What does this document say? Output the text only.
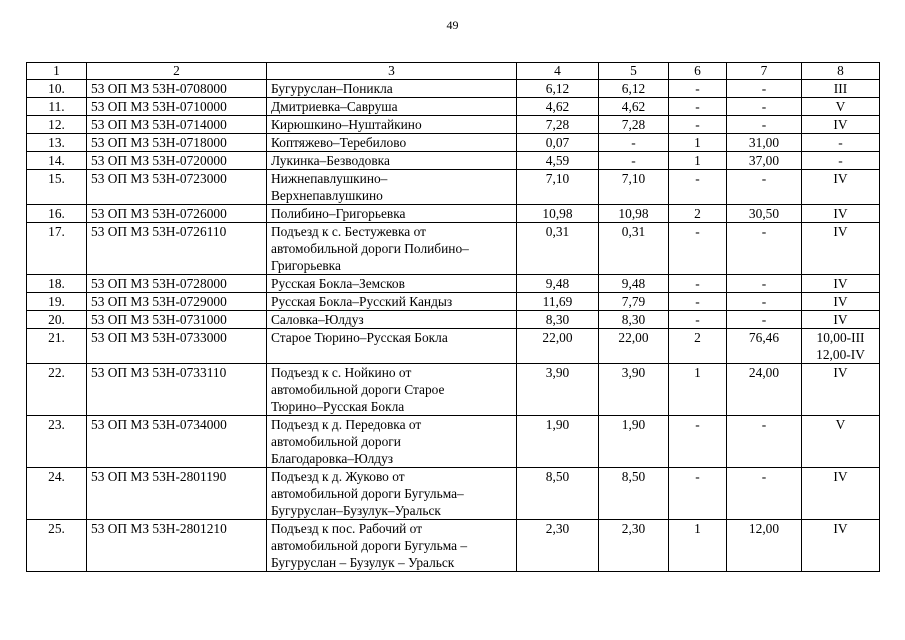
49
1	2	3	4	5	6	7	8
10.	53 ОП МЗ 53Н-0708000	Бугуруслан–Поникла	6,12	6,12	-	-	III
11.	53 ОП МЗ 53Н-0710000	Дмитриевка–Савруша	4,62	4,62	-	-	V
12.	53 ОП МЗ 53Н-0714000	Кирюшкино–Нуштайкино	7,28	7,28	-	-	IV
13.	53 ОП МЗ 53Н-0718000	Коптяжево–Теребилово	0,07	-	1	31,00	-
14.	53 ОП МЗ 53Н-0720000	Лукинка–Безводовка	4,59	-	1	37,00	-
15.	53 ОП МЗ 53Н-0723000	Нижнепавлушкино–
Верхнепавлушкино	7,10	7,10	-	-	IV
16.	53 ОП МЗ 53Н-0726000	Полибино–Григорьевка	10,98	10,98	2	30,50	IV
17.	53 ОП МЗ 53Н-0726110	Подъезд к с. Бестужевка от
автомобильной дороги Полибино–
Григорьевка	0,31	0,31	-	-	IV
18.	53 ОП МЗ 53Н-0728000	Русская Бокла–Земсков	9,48	9,48	-	-	IV
19.	53 ОП МЗ 53Н-0729000	Русская Бокла–Русский Кандыз	11,69	7,79	-	-	IV
20.	53 ОП МЗ 53Н-0731000	Саловка–Юлдуз	8,30	8,30	-	-	IV
21.	53 ОП МЗ 53Н-0733000	Старое Тюрино–Русская Бокла	22,00	22,00	2	76,46	10,00-III
12,00-IV
22.	53 ОП МЗ 53Н-0733110	Подъезд к с. Нойкино от
автомобильной дороги Старое
Тюрино–Русская Бокла	3,90	3,90	1	24,00	IV
23.	53 ОП МЗ 53Н-0734000	Подъезд к д. Передовка от
автомобильной дороги
Благодаровка–Юлдуз	1,90	1,90	-	-	V
24.	53 ОП МЗ 53Н-2801190	Подъезд к д. Жуково от
автомобильной дороги Бугульма–
Бугуруслан–Бузулук–Уральск	8,50	8,50	-	-	IV
25.	53 ОП МЗ 53Н-2801210	Подъезд к пос. Рабочий от
автомобильной дороги Бугульма –
Бугуруслан – Бузулук – Уральск	2,30	2,30	1	12,00	IV
